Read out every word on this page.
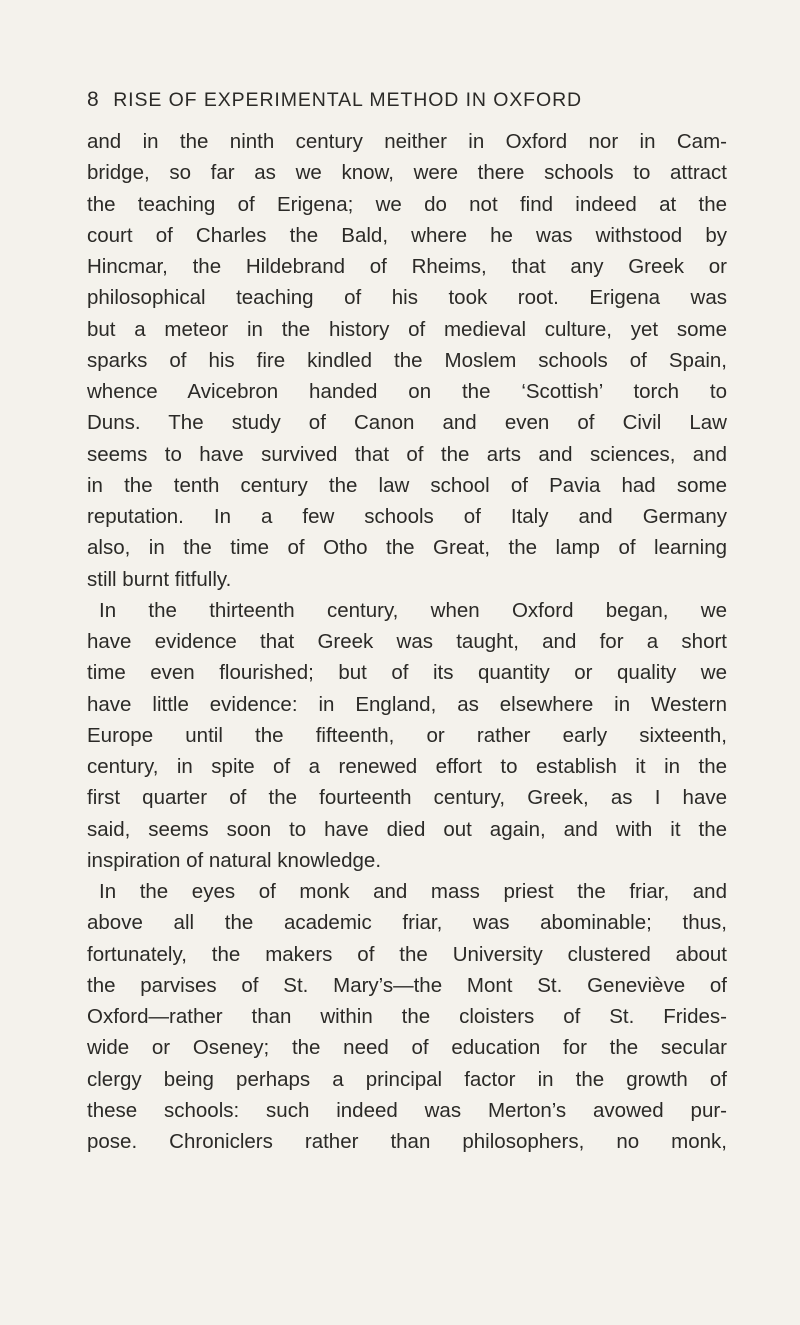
8 RISE OF EXPERIMENTAL METHOD IN OXFORD
and in the ninth century neither in Oxford nor in Cam-
bridge, so far as we know, were there schools to attract
the teaching of Erigena; we do not find indeed at the
court of Charles the Bald, where he was withstood by
Hincmar, the Hildebrand of Rheims, that any Greek or
philosophical teaching of his took root. Erigena was
but a meteor in the history of medieval culture, yet some
sparks of his fire kindled the Moslem schools of Spain,
whence Avicebron handed on the ‘Scottish’ torch to
Duns. The study of Canon and even of Civil Law
seems to have survived that of the arts and sciences, and
in the tenth century the law school of Pavia had some
reputation. In a few schools of Italy and Germany
also, in the time of Otho the Great, the lamp of learning
still burnt fitfully.
In the thirteenth century, when Oxford began, we
have evidence that Greek was taught, and for a short
time even flourished; but of its quantity or quality we
have little evidence: in England, as elsewhere in Western
Europe until the fifteenth, or rather early sixteenth,
century, in spite of a renewed effort to establish it in the
first quarter of the fourteenth century, Greek, as I have
said, seems soon to have died out again, and with it the
inspiration of natural knowledge.
In the eyes of monk and mass priest the friar, and
above all the academic friar, was abominable; thus,
fortunately, the makers of the University clustered about
the parvises of St. Mary’s—the Mont St. Geneviève of
Oxford—rather than within the cloisters of St. Frides-
wide or Oseney; the need of education for the secular
clergy being perhaps a principal factor in the growth of
these schools: such indeed was Merton’s avowed pur-
pose. Chroniclers rather than philosophers, no monk,
